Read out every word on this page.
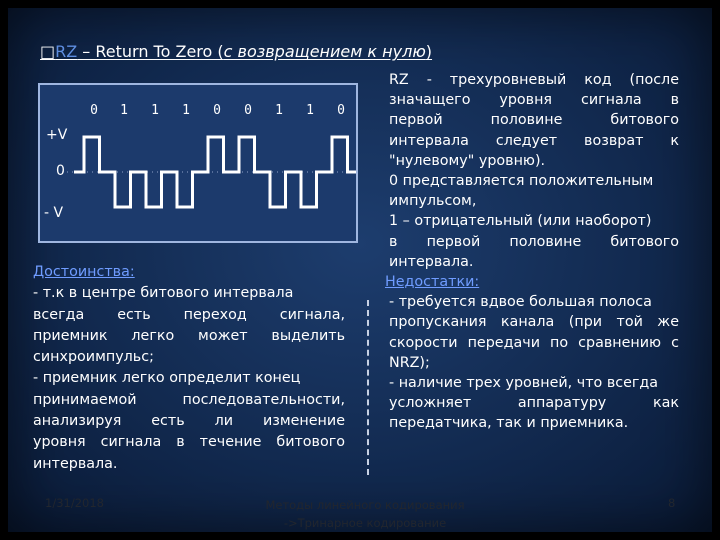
□RZ – Return To Zero (с возвращением к нулю)
0	1	1	1	0	0	1	1	0
+V
0
- V

Достоинства:

- т.к в центре битового интервала

всегда есть переход сигнала,

приемник легко может выделить

синхроимпульс;

- приемник легко определит конец

принимаемой последовательности,

анализируя есть ли изменение

уровня сигнала в течение битового

интервала.

RZ - трехуровневый код (после

значащего уровня сигнала в

первой половине битового

интервала следует возврат к

"нулевому" уровню).

0 представляется положительным

импульсом,

1 – отрицательный (или наоборот)

в первой половине битового

интервала.

Недостатки:

- требуется вдвое большая полоса

пропускания канала (при той же

скорости передачи по сравнению с

NRZ);

- наличие трех уровней, что всегда

усложняет аппаратуру как

передатчика, так и приемника.

1/31/2018	Методы линейного кодирования
->Тринарное кодирование
8
